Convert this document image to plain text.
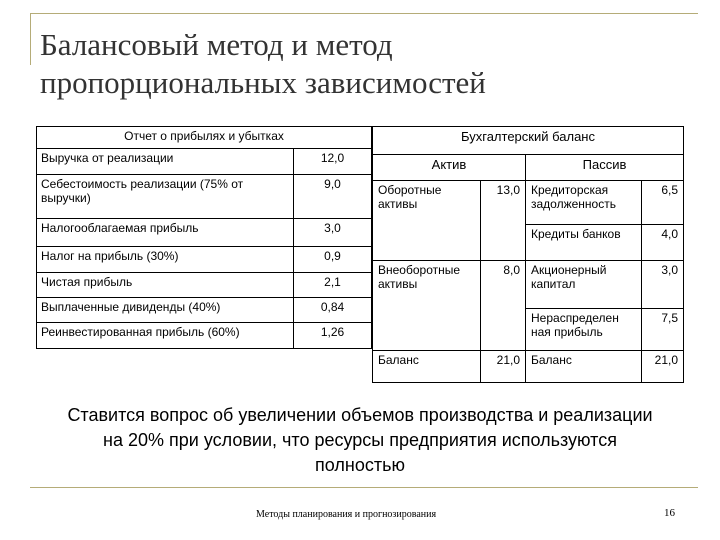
Балансовый метод и метод
пропорциональных зависимостей
Отчет о прибылях и убытках	
Выручка от реализации	12,0
Себестоимость реализации (75% от выручки)	9,0
Налогооблагаемая прибыль	3,0
Налог на прибыль (30%)	0,9
Чистая прибыль	2,1
Выплаченные дивиденды (40%)	0,84
Реинвестированная прибыль (60%)	1,26
Бухгалтерский баланс			
Актив		Пассив	
Оборотные активы	13,0	Кредиторская задолженность	6,5
		Кредиты банков	4,0
Внеоборотные активы	8,0	Акционерный капитал	3,0
		Нераспределен ная прибыль	7,5
Баланс	21,0	Баланс	21,0
Ставится вопрос об увеличении объемов производства и реализации на 20% при условии, что ресурсы предприятия используются полностью
Методы планирования и прогнозирования	16
